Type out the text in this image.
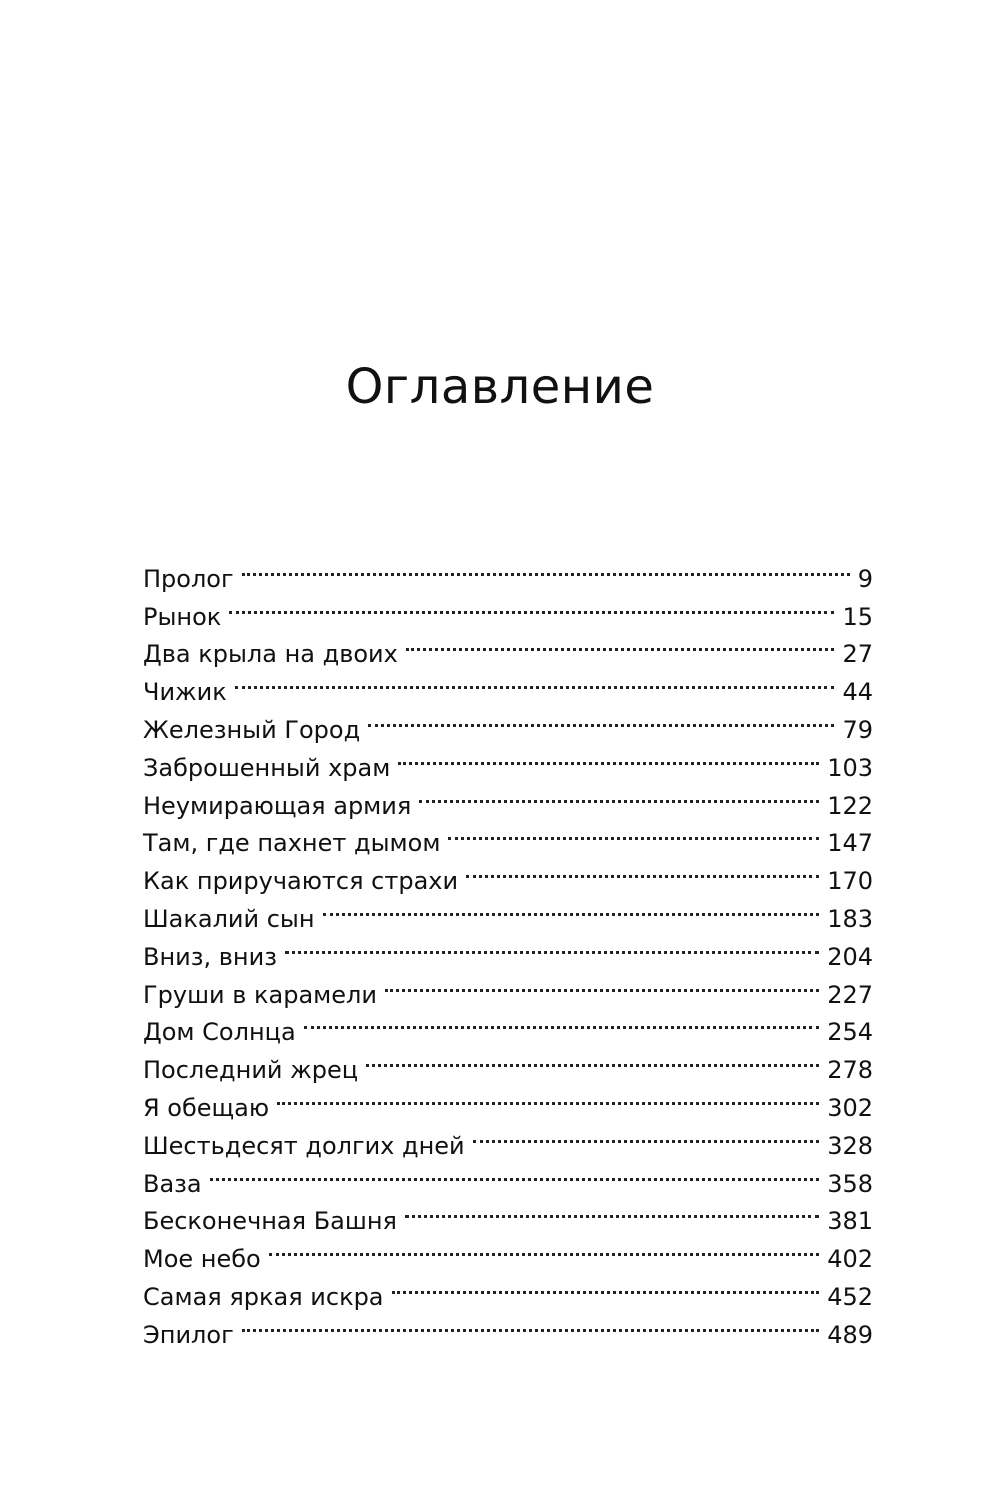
Оглавление
Пролог	9
Рынок	15
Два крыла на двоих	27
Чижик	44
Железный Город	79
Заброшенный храм	103
Неумирающая армия	122
Там, где пахнет дымом	147
Как приручаются страхи	170
Шакалий сын	183
Вниз, вниз	204
Груши в карамели	227
Дом Солнца	254
Последний жрец	278
Я обещаю	302
Шестьдесят долгих дней	328
Ваза	358
Бесконечная Башня	381
Мое небо	402
Самая яркая искра	452
Эпилог	489
